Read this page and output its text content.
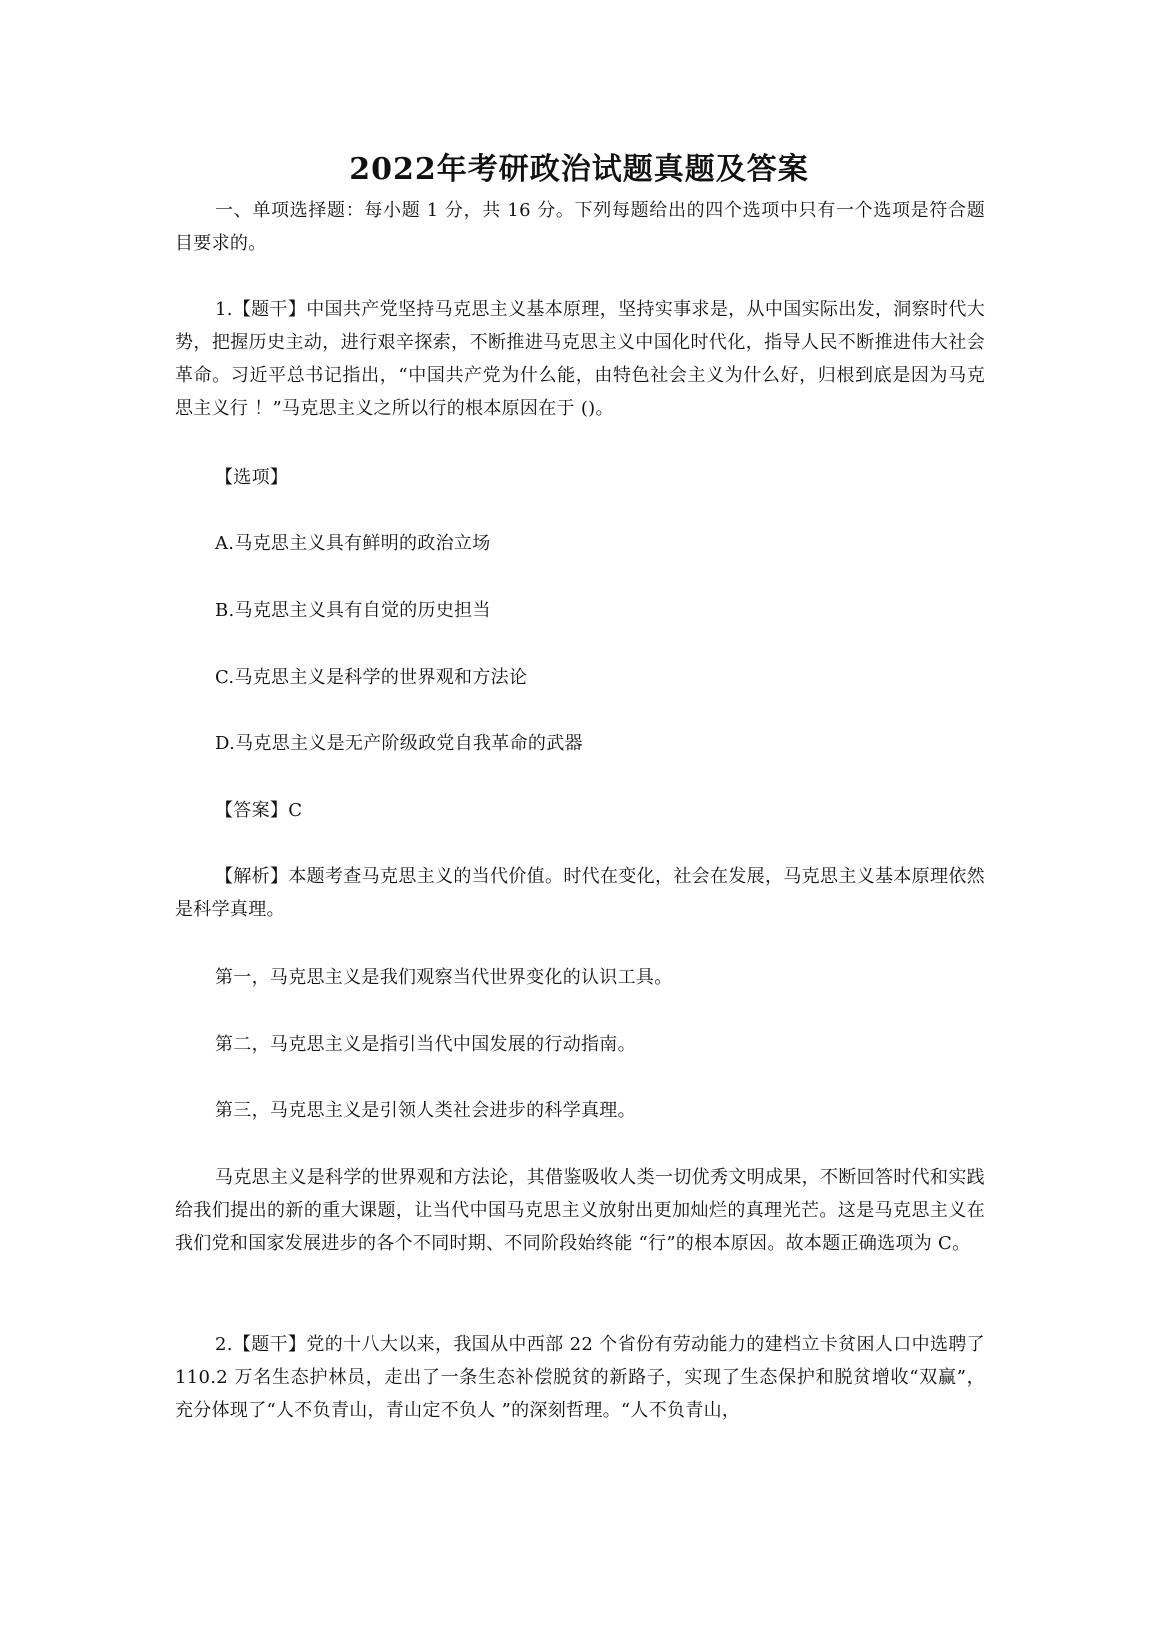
2022年考研政治试题真题及答案

一、单项选择题：每小题 1 分，共 16 分。下列每题给出的四个选项中只有一个选项是符合题目要求的。

1.【题干】中国共产党坚持马克思主义基本原理，坚持实事求是，从中国实际出发，洞察时代大势，把握历史主动，进行艰辛探索，不断推进马克思主义中国化时代化，指导人民不断推进伟大社会革命。习近平总书记指出，“中国共产党为什么能，由特色社会主义为什么好，归根到底是因为马克思主义行 ！”马克思主义之所以行的根本原因在于 ()。

【选项】

A.马克思主义具有鲜明的政治立场

B.马克思主义具有自觉的历史担当

C.马克思主义是科学的世界观和方法论

D.马克思主义是无产阶级政党自我革命的武器

【答案】C

【解析】本题考查马克思主义的当代价值。时代在变化，社会在发展，马克思主义基本原理依然是科学真理。

第一，马克思主义是我们观察当代世界变化的认识工具。

第二，马克思主义是指引当代中国发展的行动指南。

第三，马克思主义是引领人类社会进步的科学真理。

马克思主义是科学的世界观和方法论，其借鉴吸收人类一切优秀文明成果，不断回答时代和实践给我们提出的新的重大课题，让当代中国马克思主义放射出更加灿烂的真理光芒。这是马克思主义在我们党和国家发展进步的各个不同时期、不同阶段始终能 “行”的根本原因。故本题正确选项为 C。

2.【题干】党的十八大以来，我国从中西部 22 个省份有劳动能力的建档立卡贫困人口中选聘了 110.2 万名生态护林员，走出了一条生态补偿脱贫的新路子，实现了生态保护和脱贫增收“双赢”，充分体现了“人不负青山，青山定不负人 ”的深刻哲理。“人不负青山，
